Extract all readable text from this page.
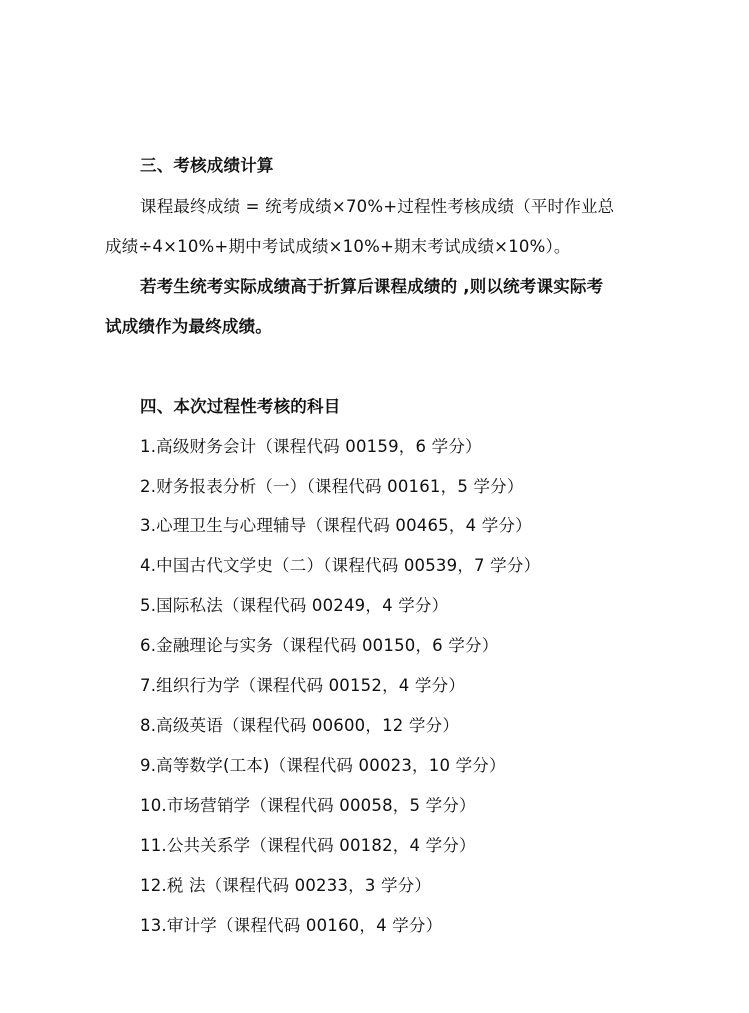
三、考核成绩计算
课程最终成绩 = 统考成绩×70%+过程性考核成绩（平时作业总
成绩÷4×10%+期中考试成绩×10%+期末考试成绩×10%）。
若考生统考实际成绩高于折算后课程成绩的 ,则以统考课实际考
试成绩作为最终成绩。
四、本次过程性考核的科目
1.高级财务会计（课程代码 00159，6 学分）
2.财务报表分析（一）（课程代码 00161，5 学分）
3.心理卫生与心理辅导（课程代码 00465，4 学分）
4.中国古代文学史（二）（课程代码 00539，7 学分）
5.国际私法（课程代码 00249，4 学分）
6.金融理论与实务（课程代码 00150，6 学分）
7.组织行为学（课程代码 00152，4 学分）
8.高级英语（课程代码 00600，12 学分）
9.高等数学(工本)（课程代码 00023，10 学分）
10.市场营销学（课程代码 00058，5 学分）
11.公共关系学（课程代码 00182，4 学分）
12.税 法（课程代码 00233，3 学分）
13.审计学（课程代码 00160，4 学分）
